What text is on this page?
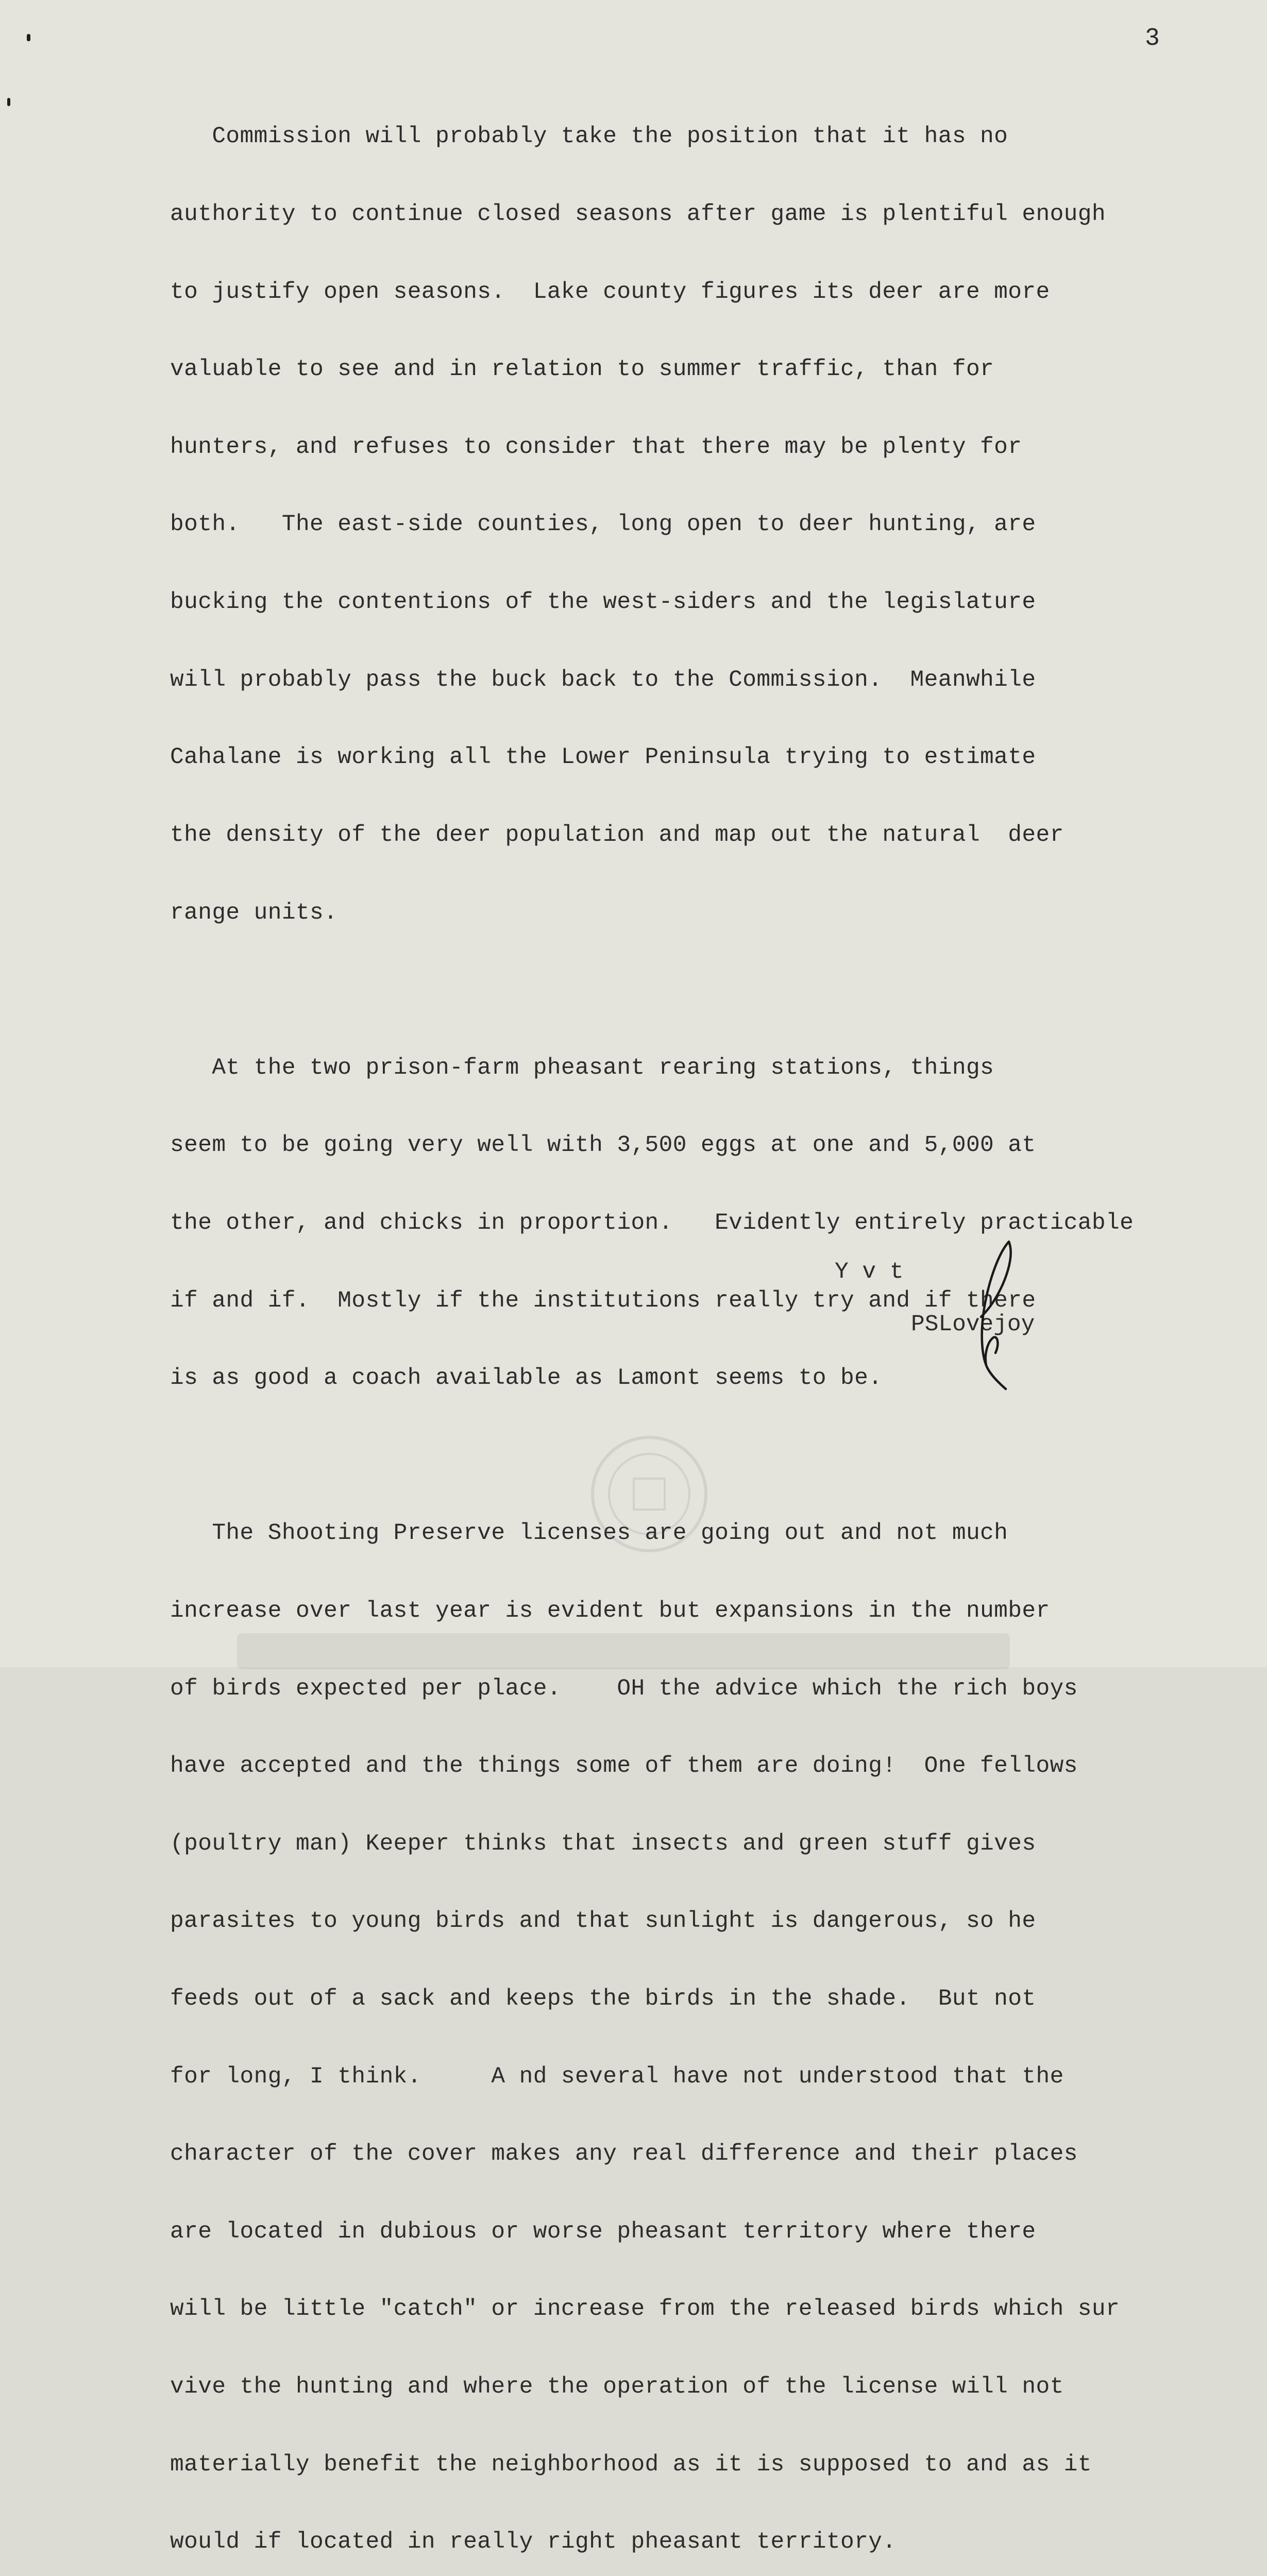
3

Commission will probably take the position that it has no

authority to continue closed seasons after game is plentiful enough

to justify open seasons.  Lake county figures its deer are more

valuable to see and in relation to summer traffic, than for

hunters, and refuses to consider that there may be plenty for

both.   The east-side counties, long open to deer hunting, are

bucking the contentions of the west-siders and the legislature

will probably pass the buck back to the Commission.  Meanwhile

Cahalane is working all the Lower Peninsula trying to estimate

the density of the deer population and map out the natural  deer

range units.

At the two prison-farm pheasant rearing stations, things

seem to be going very well with 3,500 eggs at one and 5,000 at

the other, and chicks in proportion.   Evidently entirely practicable

if and if.  Mostly if the institutions really try and if there

is as good a coach available as Lamont seems to be.

The Shooting Preserve licenses are going out and not much

increase over last year is evident but expansions in the number

of birds expected per place.    OH the advice which the rich boys

have accepted and the things some of them are doing!  One fellows

(poultry man) Keeper thinks that insects and green stuff gives

parasites to young birds and that sunlight is dangerous, so he

feeds out of a sack and keeps the birds in the shade.  But not

for long, I think.     A nd several have not understood that the

character of the cover makes any real difference and their places

are located in dubious or worse pheasant territory where there

will be little "catch" or increase from the released birds which sur

vive the hunting and where the operation of the license will not

materially benefit the neighborhood as it is supposed to and as it

would if located in really right pheasant territory.

Y v t
PSLovejoy
